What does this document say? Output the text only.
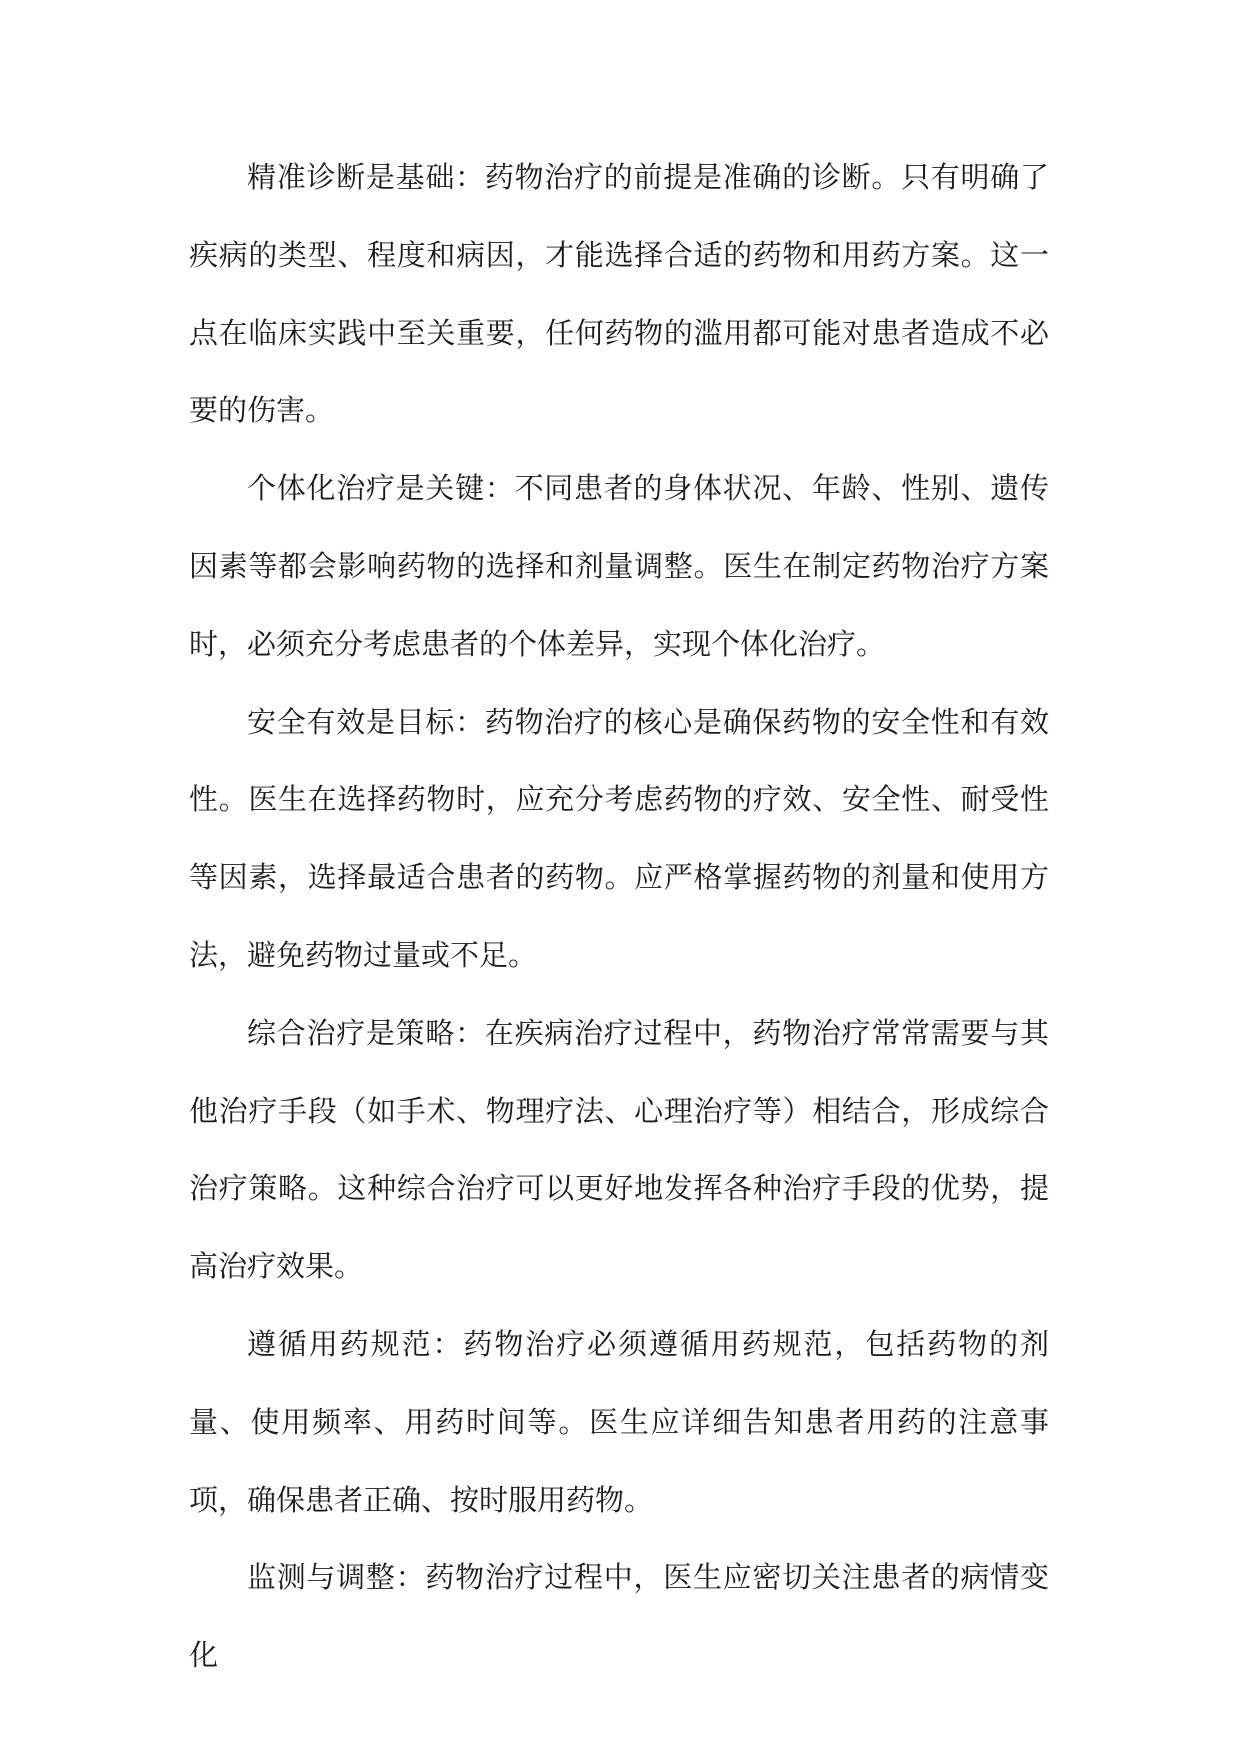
精准诊断是基础：药物治疗的前提是准确的诊断。只有明确了疾病的类型、程度和病因，才能选择合适的药物和用药方案。这一点在临床实践中至关重要，任何药物的滥用都可能对患者造成不必要的伤害。

个体化治疗是关键：不同患者的身体状况、年龄、性别、遗传因素等都会影响药物的选择和剂量调整。医生在制定药物治疗方案时，必须充分考虑患者的个体差异，实现个体化治疗。

安全有效是目标：药物治疗的核心是确保药物的安全性和有效性。医生在选择药物时，应充分考虑药物的疗效、安全性、耐受性等因素，选择最适合患者的药物。应严格掌握药物的剂量和使用方法，避免药物过量或不足。

综合治疗是策略：在疾病治疗过程中，药物治疗常常需要与其他治疗手段（如手术、物理疗法、心理治疗等）相结合，形成综合治疗策略。这种综合治疗可以更好地发挥各种治疗手段的优势，提高治疗效果。

遵循用药规范：药物治疗必须遵循用药规范，包括药物的剂量、使用频率、用药时间等。医生应详细告知患者用药的注意事项，确保患者正确、按时服用药物。

监测与调整：药物治疗过程中，医生应密切关注患者的病情变化
